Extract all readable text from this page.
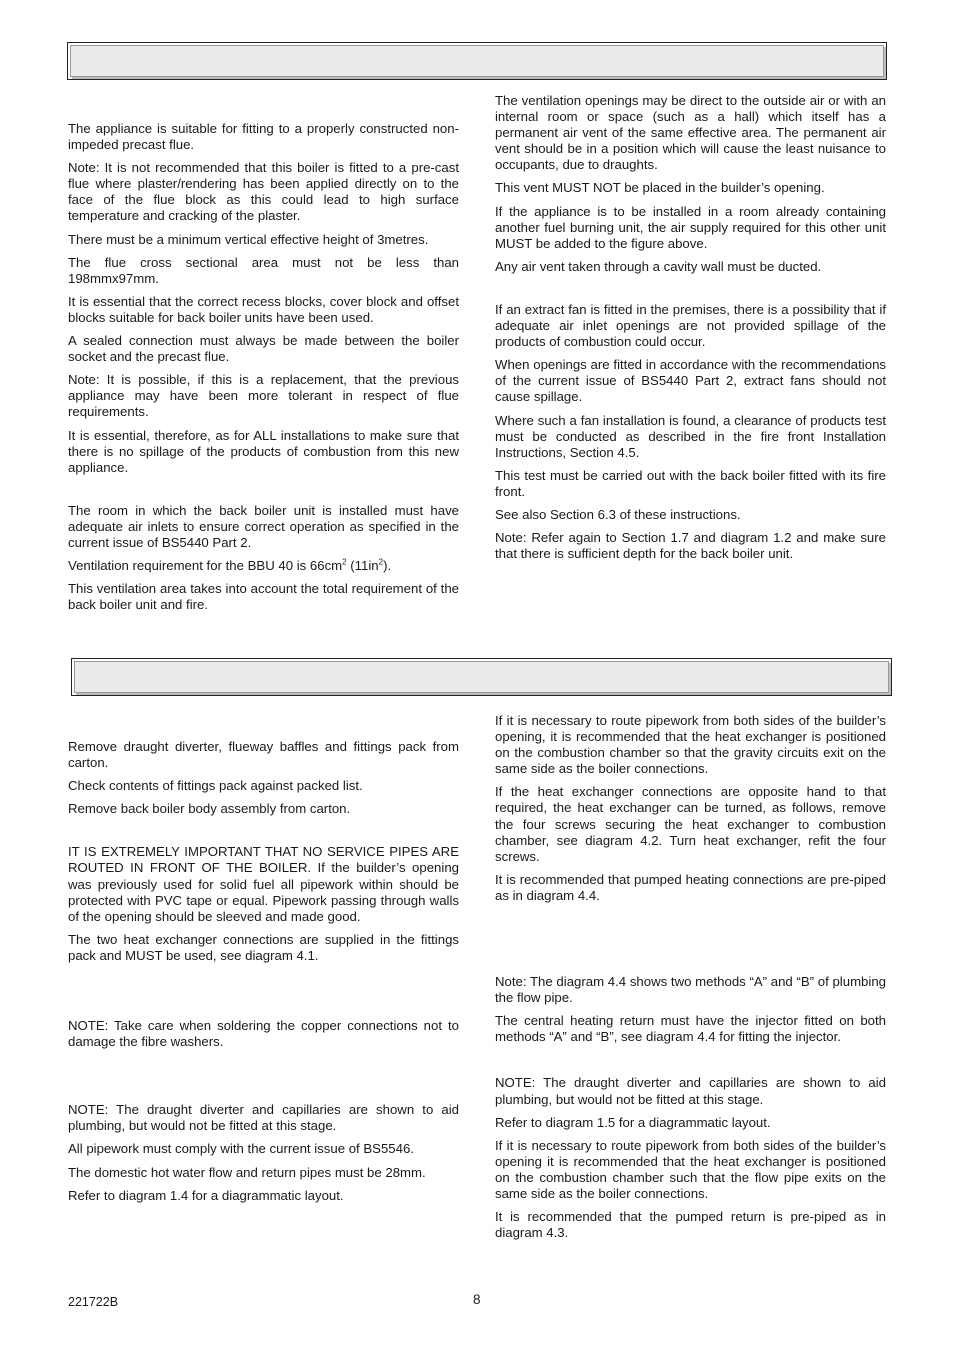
The appliance is suitable for fitting to a properly constructed non-impeded precast flue.

Note: It is not recommended that this boiler is fitted to a pre-cast flue where plaster/rendering has been applied directly on to the face of the flue block as this could lead to high surface temperature and cracking of the plaster.

There must be a minimum vertical effective height of 3metres.

The flue cross sectional area must not be less than 198mmx97mm.

It is essential that the correct recess blocks, cover block and offset blocks suitable for back boiler units have been used.

A sealed connection must always be made between the boiler socket and the precast flue.

Note: It is possible, if this is a replacement, that the previous appliance may have been more tolerant in respect of flue requirements.

It is essential, therefore, as for ALL installations to make sure that there is no spillage of the products of combustion from this new appliance.

The room in which the back boiler unit is installed must have adequate air inlets to ensure correct operation as specified in the current issue of BS5440 Part 2.

Ventilation requirement for the BBU 40 is $66cm^2$ $(11in^2)$.

This ventilation area takes into account the total requirement of the back boiler unit and fire.

The ventilation openings may be direct to the outside air or with an internal room or space (such as a hall) which itself has a permanent air vent of the same effective area. The permanent air vent should be in a position which will cause the least nuisance to occupants, due to draughts.

This vent MUST NOT be placed in the builder’s opening.

If the appliance is to be installed in a room already containing another fuel burning unit, the air supply required for this other unit MUST be added to the figure above.

Any air vent taken through a cavity wall must be ducted.

If an extract fan is fitted in the premises, there is a possibility that if adequate air inlet openings are not provided spillage of the products of combustion could occur.

When openings are fitted in accordance with the recommendations of the current issue of BS5440 Part 2, extract fans should not cause spillage.

Where such a fan installation is found, a clearance of products test must be conducted as described in the fire front Installation Instructions, Section 4.5.

This test must be carried out with the back boiler fitted with its fire front.

See also Section 6.3 of these instructions.

Note: Refer again to Section 1.7 and diagram 1.2 and make sure that there is sufficient depth for the back boiler unit.

Remove draught diverter, flueway baffles and fittings pack from carton.

Check contents of fittings pack against packed list.

Remove back boiler body assembly from carton.

IT IS EXTREMELY IMPORTANT THAT NO SERVICE PIPES ARE ROUTED IN FRONT OF THE BOILER. If the builder’s opening was previously used for solid fuel all pipework within should be protected with PVC tape or equal. Pipework passing through walls of the opening should be sleeved and made good.

The two heat exchanger connections are supplied in the fittings pack and MUST be used, see diagram 4.1.

NOTE: Take care when soldering the copper connections not to damage the fibre washers.

NOTE: The draught diverter and capillaries are shown to aid plumbing, but would not be fitted at this stage.

All pipework must comply with the current issue of BS5546.

The domestic hot water flow and return pipes must be 28mm.

Refer to diagram 1.4 for a diagrammatic layout.

If it is necessary to route pipework from both sides of the builder’s opening, it is recommended that the heat exchanger is positioned on the combustion chamber so that the gravity circuits exit on the same side as the boiler connections.

If the heat exchanger connections are opposite hand to that required, the heat exchanger can be turned, as follows, remove the four screws securing the heat exchanger to combustion chamber, see diagram 4.2. Turn heat exchanger, refit the four screws.

It is recommended that pumped heating connections are pre-piped as in diagram 4.4.

Note: The diagram 4.4 shows two methods “A” and “B” of plumbing the flow pipe.

The central heating return must have the injector fitted on both methods “A” and “B”, see diagram 4.4 for fitting the injector.

NOTE: The draught diverter and capillaries are shown to aid plumbing, but would not be fitted at this stage.

Refer to diagram 1.5 for a diagrammatic layout.

If it is necessary to route pipework from both sides of the builder’s opening it is recommended that the heat exchanger is positioned on the combustion chamber such that the flow pipe exits on the same side as the boiler connections.

It is recommended that the pumped return is pre-piped as in diagram 4.3.

221722B	8
